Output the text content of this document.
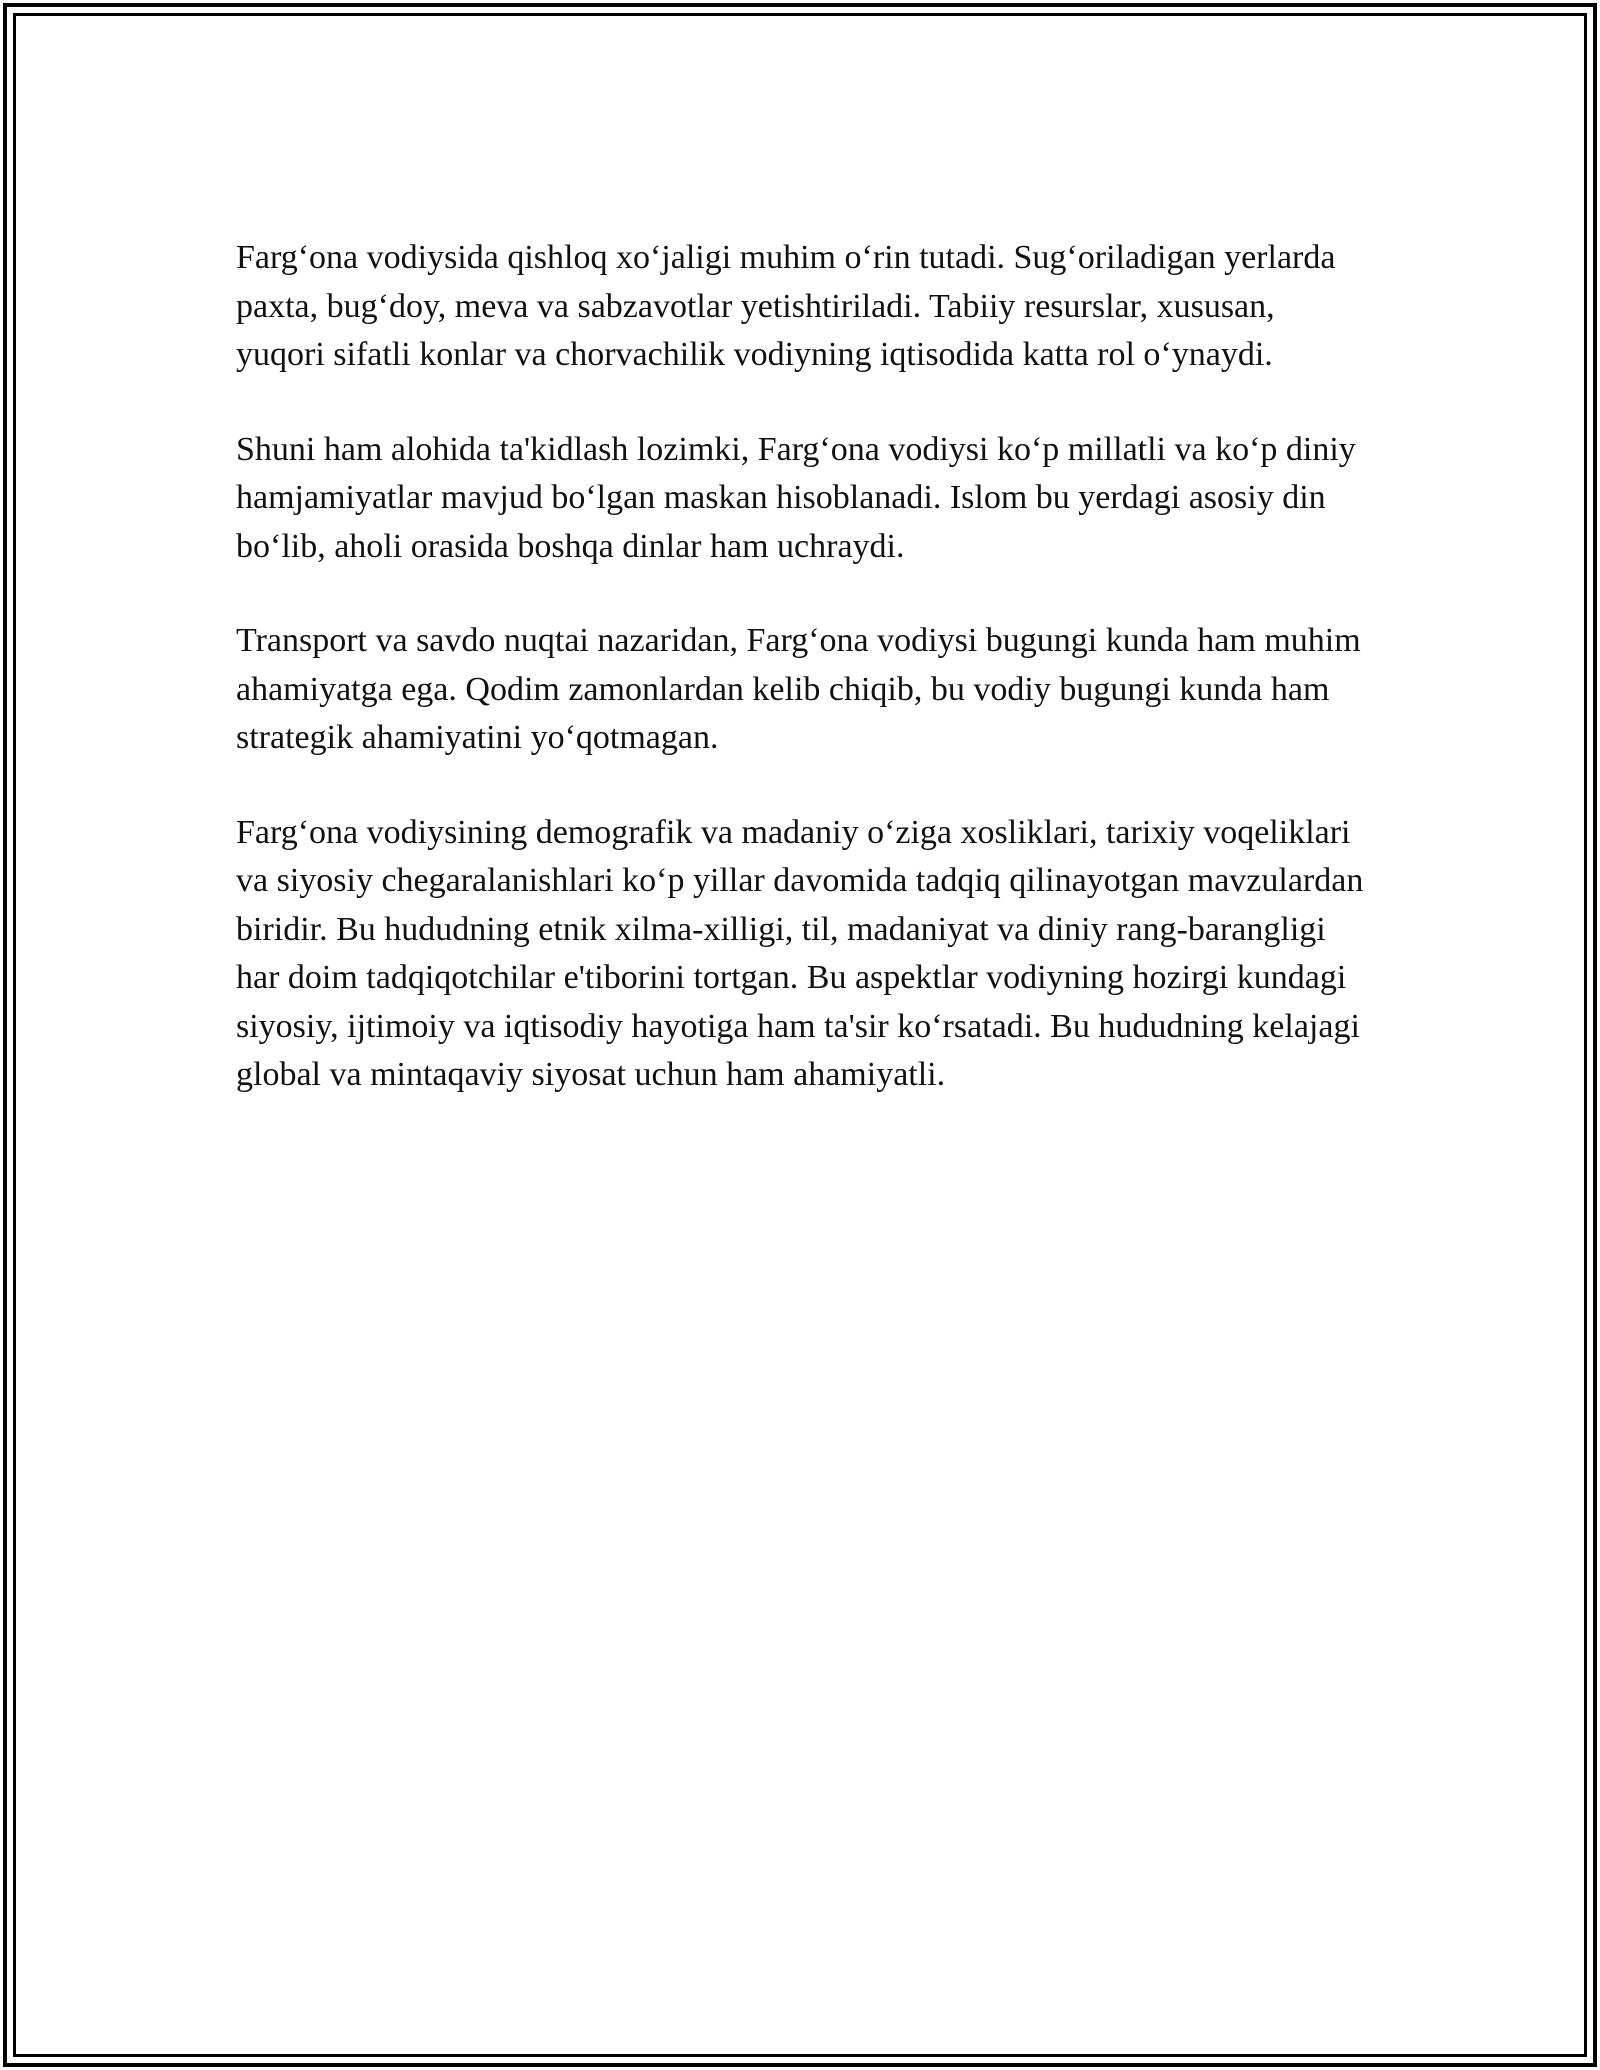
Farg‘ona vodiysida qishloq xo‘jaligi muhim o‘rin tutadi. Sug‘oriladigan yerlarda paxta, bug‘doy, meva va sabzavotlar yetishtiriladi. Tabiiy resurslar, xususan, yuqori sifatli konlar va chorvachilik vodiyning iqtisodida katta rol o‘ynaydi.

Shuni ham alohida ta'kidlash lozimki, Farg‘ona vodiysi ko‘p millatli va ko‘p diniy hamjamiyatlar mavjud bo‘lgan maskan hisoblanadi. Islom bu yerdagi asosiy din bo‘lib, aholi orasida boshqa dinlar ham uchraydi.

Transport va savdo nuqtai nazaridan, Farg‘ona vodiysi bugungi kunda ham muhim ahamiyatga ega. Qodim zamonlardan kelib chiqib, bu vodiy bugungi kunda ham strategik ahamiyatini yo‘qotmagan.

Farg‘ona vodiysining demografik va madaniy o‘ziga xosliklari, tarixiy voqeliklari va siyosiy chegaralanishlari ko‘p yillar davomida tadqiq qilinayotgan mavzulardan biridir. Bu hududning etnik xilma-xilligi, til, madaniyat va diniy rang-barangligi har doim tadqiqotchilar e'tiborini tortgan. Bu aspektlar vodiyning hozirgi kundagi siyosiy, ijtimoiy va iqtisodiy hayotiga ham ta'sir ko‘rsatadi. Bu hududning kelajagi global va mintaqaviy siyosat uchun ham ahamiyatli.
